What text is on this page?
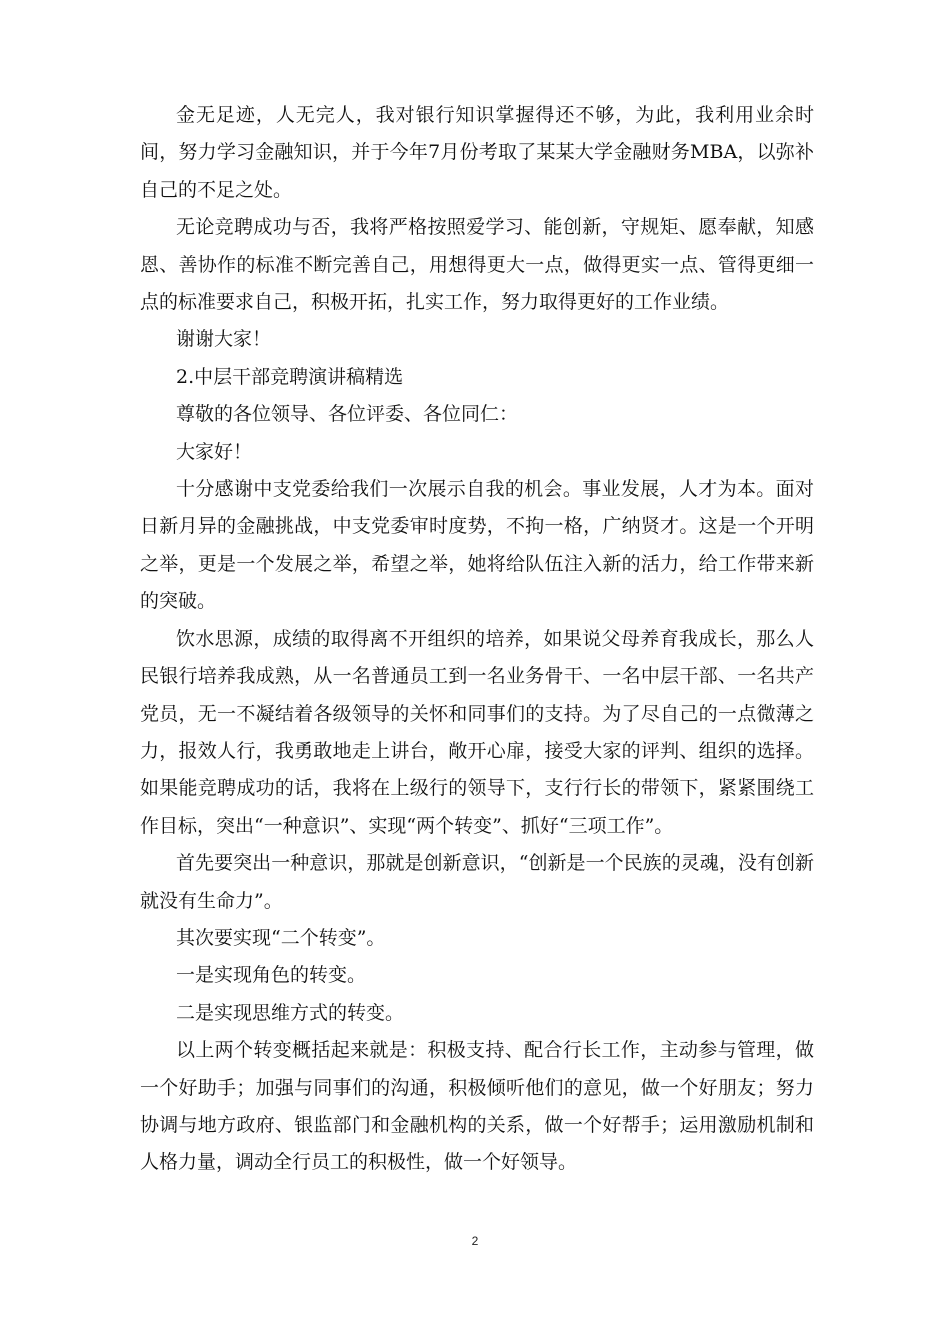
金无足迹，人无完人，我对银行知识掌握得还不够，为此，我利用业余时间，努力学习金融知识，并于今年7月份考取了某某大学金融财务MBA，以弥补自己的不足之处。

无论竞聘成功与否，我将严格按照爱学习、能创新，守规矩、愿奉献，知感恩、善协作的标准不断完善自己，用想得更大一点，做得更实一点、管得更细一点的标准要求自己，积极开拓，扎实工作，努力取得更好的工作业绩。

谢谢大家！

2.中层干部竞聘演讲稿精选

尊敬的各位领导、各位评委、各位同仁：

大家好！

十分感谢中支党委给我们一次展示自我的机会。事业发展，人才为本。面对日新月异的金融挑战，中支党委审时度势，不拘一格，广纳贤才。这是一个开明之举，更是一个发展之举，希望之举，她将给队伍注入新的活力，给工作带来新的突破。

饮水思源，成绩的取得离不开组织的培养，如果说父母养育我成长，那么人民银行培养我成熟，从一名普通员工到一名业务骨干、一名中层干部、一名共产党员，无一不凝结着各级领导的关怀和同事们的支持。为了尽自己的一点微薄之力，报效人行，我勇敢地走上讲台，敞开心扉，接受大家的评判、组织的选择。如果能竞聘成功的话，我将在上级行的领导下，支行行长的带领下，紧紧围绕工作目标，突出“一种意识”、实现“两个转变”、抓好“三项工作”。

首先要突出一种意识，那就是创新意识，“创新是一个民族的灵魂，没有创新就没有生命力”。

其次要实现“二个转变”。

一是实现角色的转变。

二是实现思维方式的转变。

以上两个转变概括起来就是：积极支持、配合行长工作，主动参与管理，做一个好助手；加强与同事们的沟通，积极倾听他们的意见，做一个好朋友；努力协调与地方政府、银监部门和金融机构的关系，做一个好帮手；运用激励机制和人格力量，调动全行员工的积极性，做一个好领导。

2
